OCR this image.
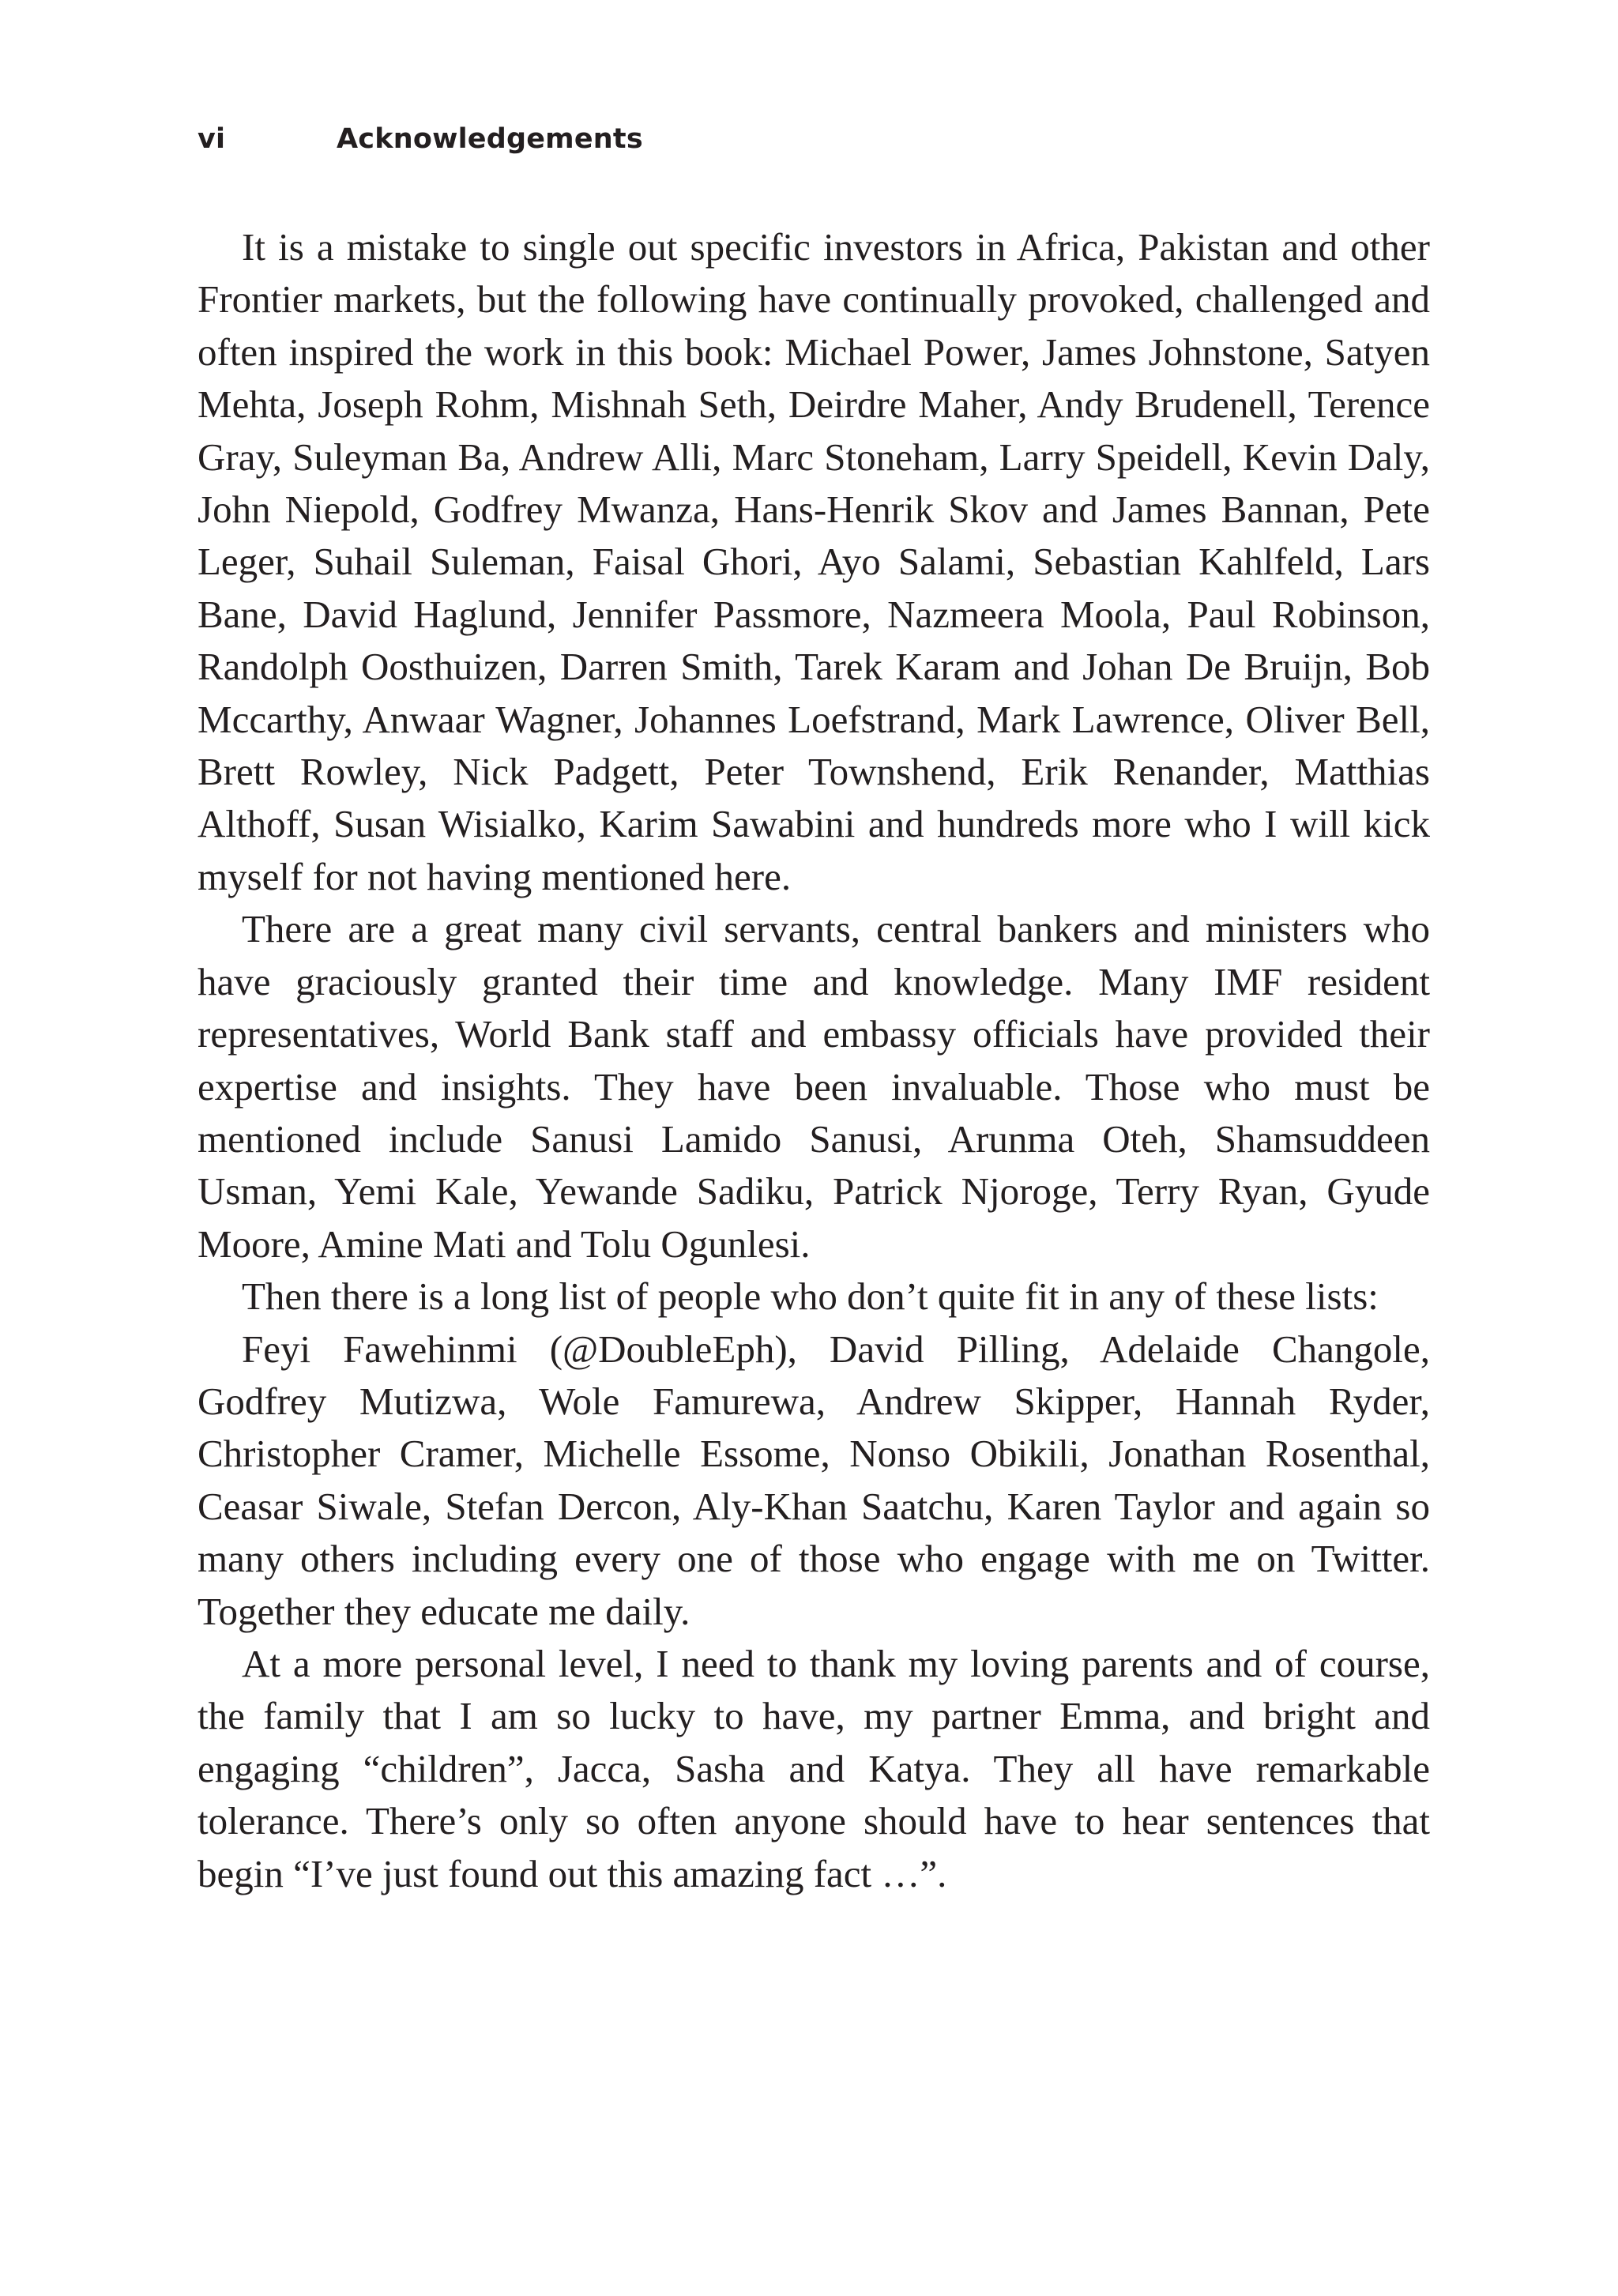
vi	Acknowledgements

It is a mistake to single out specific investors in Africa, Pakistan and other Frontier markets, but the following have continually provoked, challenged and often inspired the work in this book: Michael Power, James Johnstone, Satyen Mehta, Joseph Rohm, Mishnah Seth, Deirdre Maher, Andy Brudenell, Terence Gray, Suleyman Ba, Andrew Alli, Marc Stoneham, Larry Speidell, Kevin Daly, John Niepold, Godfrey Mwanza, Hans-Henrik Skov and James Bannan, Pete Leger, Suhail Suleman, Faisal Ghori, Ayo Salami, Sebastian Kahlfeld, Lars Bane, David Haglund, Jennifer Passmore, Nazmeera Moola, Paul Robinson, Randolph Oosthuizen, Darren Smith, Tarek Karam and Johan De Bruijn, Bob Mccarthy, Anwaar Wagner, Johannes Loefstrand, Mark Lawrence, Oliver Bell, Brett Rowley, Nick Padgett, Peter Townshend, Erik Renander, Matthias Althoff, Susan Wisialko, Karim Sawabini and hundreds more who I will kick myself for not having mentioned here.

There are a great many civil servants, central bankers and ministers who have graciously granted their time and knowledge. Many IMF resident representatives, World Bank staff and embassy officials have provided their expertise and insights. They have been invaluable. Those who must be mentioned include Sanusi Lamido Sanusi, Arunma Oteh, Shamsuddeen Usman, Yemi Kale, Yewande Sadiku, Patrick Njoroge, Terry Ryan, Gyude Moore, Amine Mati and Tolu Ogunlesi.

Then there is a long list of people who don’t quite fit in any of these lists:

Feyi Fawehinmi (@DoubleEph), David Pilling, Adelaide Changole, Godfrey Mutizwa, Wole Famurewa, Andrew Skipper, Hannah Ryder, Christopher Cramer, Michelle Essome, Nonso Obikili, Jonathan Rosenthal, Ceasar Siwale, Stefan Dercon, Aly-Khan Saatchu, Karen Taylor and again so many others including every one of those who engage with me on Twitter. Together they educate me daily.

At a more personal level, I need to thank my loving parents and of course, the family that I am so lucky to have, my partner Emma, and bright and engaging “children”, Jacca, Sasha and Katya. They all have remarkable tolerance. There’s only so often anyone should have to hear sentences that begin “I’ve just found out this amazing fact …”.
